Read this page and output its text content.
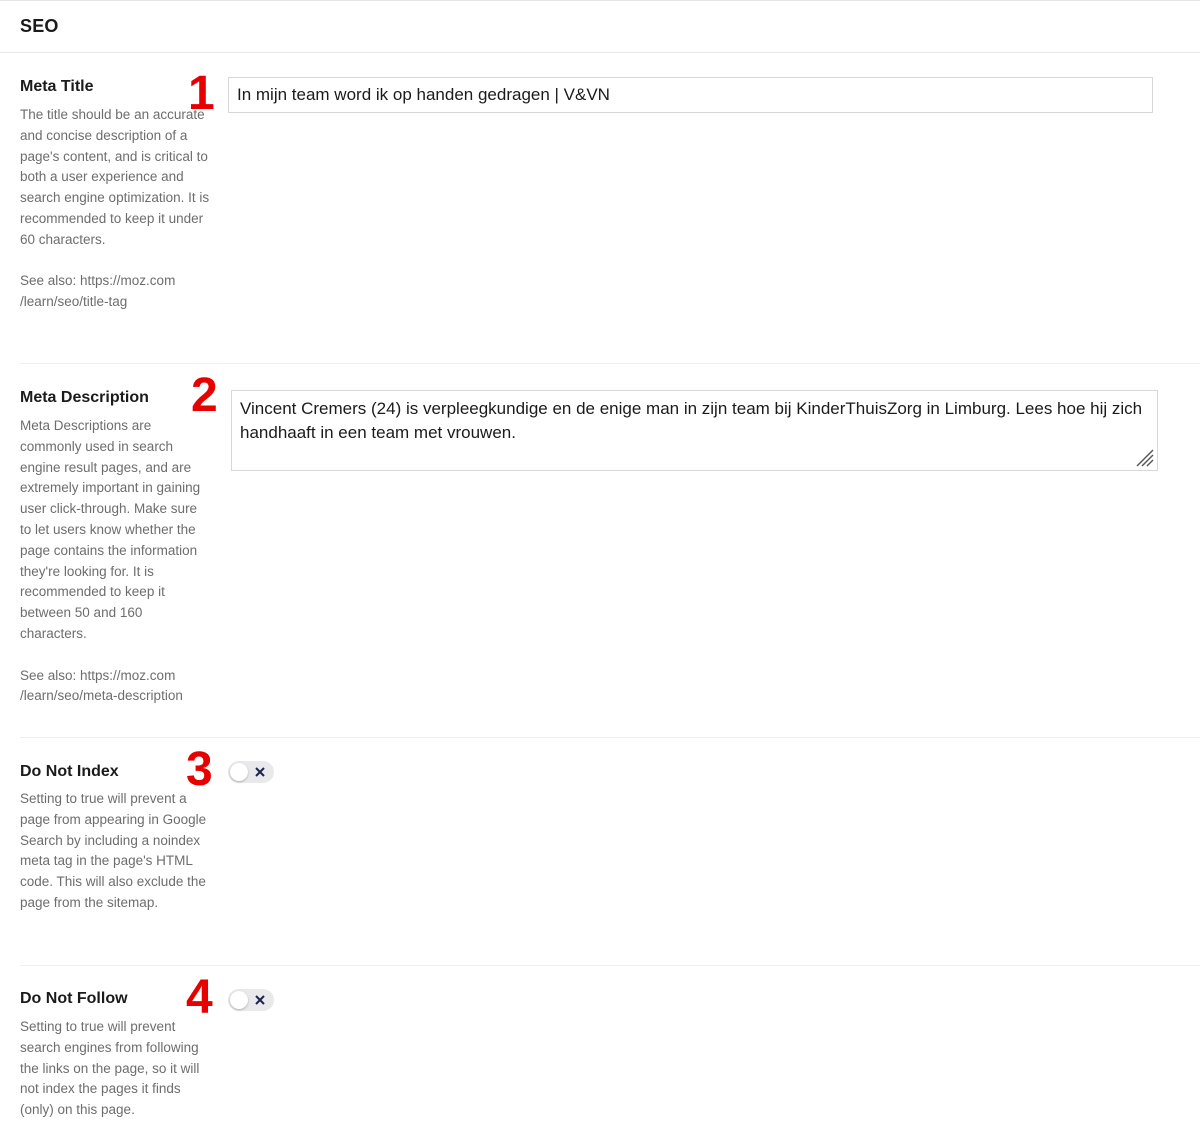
SEO
Meta Title
The title should be an accurate and concise description of a page's content, and is critical to both a user experience and search engine optimization. It is recommended to keep it under 60 characters.
See also: https://moz.com /learn/seo/title-tag
1
In mijn team word ik op handen gedragen | V&VN
Meta Description
Meta Descriptions are commonly used in search engine result pages, and are extremely important in gaining user click-through. Make sure to let users know whether the page contains the information they're looking for. It is recommended to keep it between 50 and 160 characters.
See also: https://moz.com /learn/seo/meta-description
2	Vincent Cremers (24) is verpleegkundige en de enige man in zijn team bij KinderThuisZorg in Limburg. Lees hoe hij zich handhaaft in een team met vrouwen.
Do Not Index
Setting to true will prevent a page from appearing in Google Search by including a noindex meta tag in the page's HTML code. This will also exclude the page from the sitemap.
3
Do Not Follow
Setting to true will prevent search engines from following the links on the page, so it will not index the pages it finds (only) on this page.
4
